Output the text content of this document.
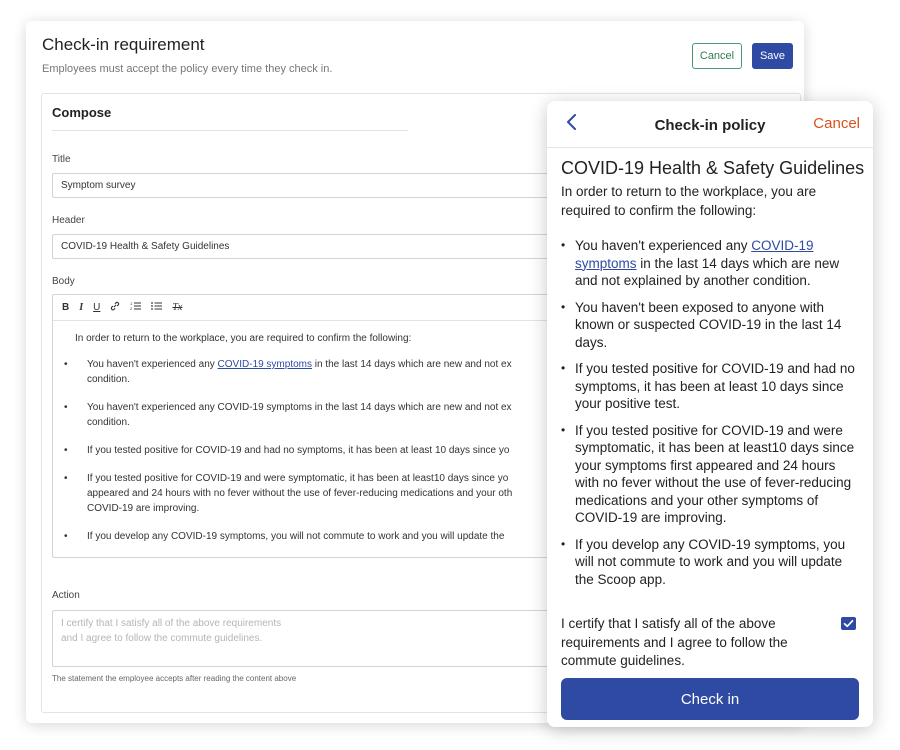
Check-in requirement
Employees must accept the policy every time they check in.
Cancel	Save
Compose
Title
Symptom survey
Header
COVID-19 Health & Safety Guidelines
Body
B I U	1
2	Tx
In order to return to the workplace, you are required to confirm the following:
• You haven't experienced any COVID-19 symptoms in the last 14 days which are new and not ex
condition.
• You haven't experienced any COVID-19 symptoms in the last 14 days which are new and not ex
condition.
• If you tested positive for COVID-19 and had no symptoms, it has been at least 10 days since yo
• If you tested positive for COVID-19 and were symptomatic, it has been at least10 days since yo
appeared and 24 hours with no fever without the use of fever-reducing medications and your oth
COVID-19 are improving.
• If you develop any COVID-19 symptoms, you will not commute to work and you will update the
Action
I certify that I satisfy all of the above requirements
and I agree to follow the commute guidelines.
The statement the employee accepts after reading the content above
Check-in policy	Cancel
COVID-19 Health & Safety Guidelines
In order to return to the workplace, you are required to confirm the following:
• You haven't experienced any COVID-19 symptoms in the last 14 days which are new and not explained by another condition.
• You haven't been exposed to anyone with known or suspected COVID-19 in the last 14 days.
• If you tested positive for COVID-19 and had no symptoms, it has been at least 10 days since your positive test.
• If you tested positive for COVID-19 and were symptomatic, it has been at least10 days since your symptoms first appeared and 24 hours with no fever without the use of fever-reducing medications and your other symptoms of COVID-19 are improving.
• If you develop any COVID-19 symptoms, you will not commute to work and you will update the Scoop app.
I certify that I satisfy all of the above requirements and I agree to follow the commute guidelines.
Check in
